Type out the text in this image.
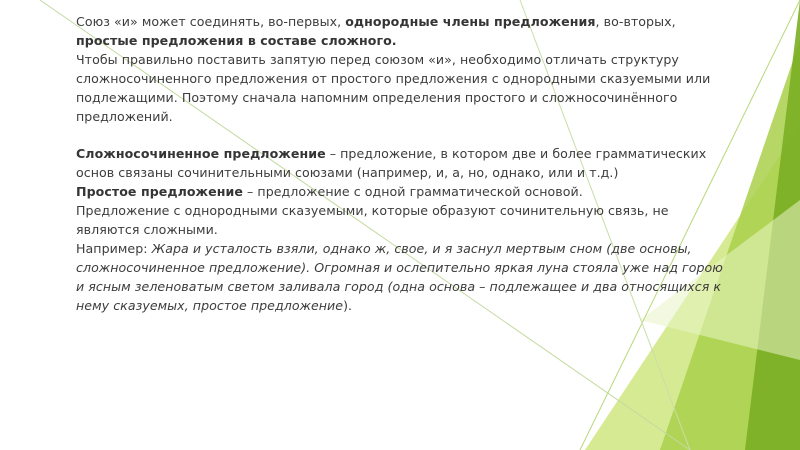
Союз «и» может соединять, во-первых, однородные члены предложения, во-вторых, простые предложения в составе сложного.

Чтобы правильно поставить запятую перед союзом «и», необходимо отличать структуру сложносочиненного предложения от простого предложения с однородными сказуемыми или подлежащими. Поэтому сначала напомним определения простого и сложносочинённого предложений.

Сложносочиненное предложение – предложение, в котором две и более грамматических основ связаны сочинительными союзами (например, и, а, но, однако, или и т.д.)

Простое предложение – предложение с одной грамматической основой.

Предложение с однородными сказуемыми, которые образуют сочинительную связь, не являются сложными.

Например: Жара и усталость взяли, однако ж, свое, и я заснул мертвым сном (две основы, сложносочиненное предложение). Огромная и ослепительно яркая луна стояла уже над горою и ясным зеленоватым светом заливала город (одна основа – подлежащее и два относящихся к нему сказуемых, простое предложение).
